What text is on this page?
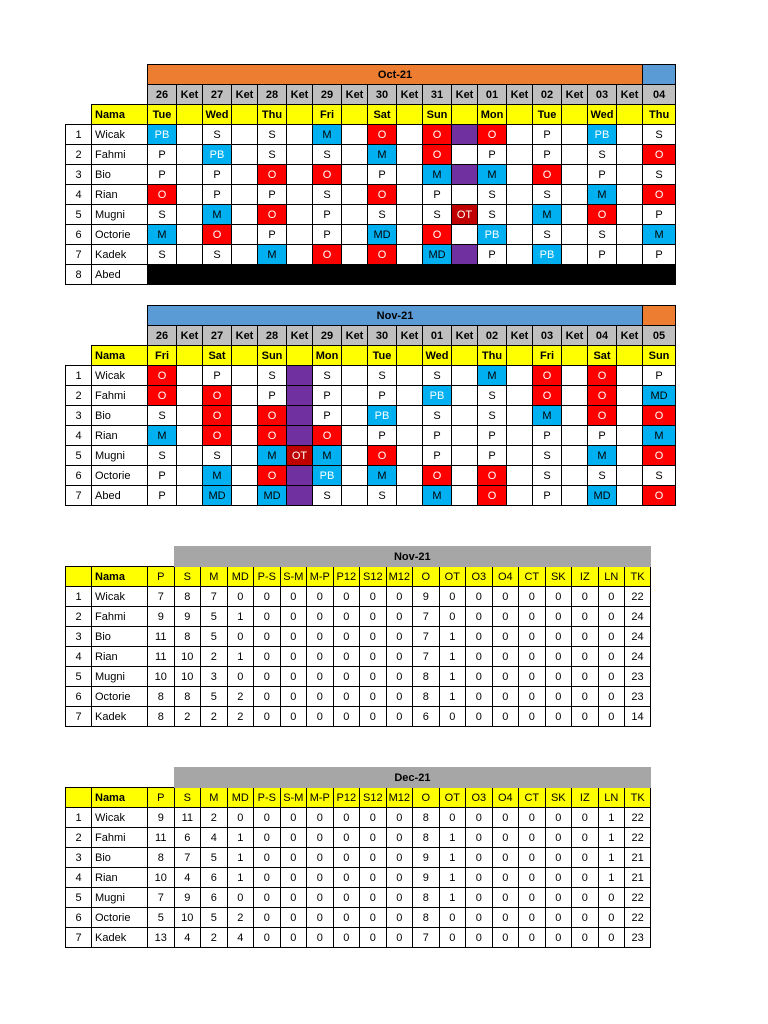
		Oct-21																		
		26	Ket	27	Ket	28	Ket	29	Ket	30	Ket	31	Ket	01	Ket	02	Ket	03	Ket	04
	Nama	Tue		Wed		Thu		Fri		Sat		Sun		Mon		Tue		Wed		Thu
1	Wicak	PB		S		S		M		O		O		O		P		PB		S
2	Fahmi	P		PB		S		S		M		O		P		P		S		O
3	Bio	P		P		O		O		P		M		M		O		P		S
4	Rian	O		P		P		S		O		P		S		S		M		O
5	Mugni	S		M		O		P		S		S	OT	S		M		O		P
6	Octorie	M		O		P		P		MD		O		PB		S		S		M
7	Kadek	S		S		M		O		O		MD		P		PB		P		P
8	Abed																			
		Nov-21																		
		26	Ket	27	Ket	28	Ket	29	Ket	30	Ket	01	Ket	02	Ket	03	Ket	04	Ket	05
	Nama	Fri		Sat		Sun		Mon		Tue		Wed		Thu		Fri		Sat		Sun
1	Wicak	O		P		S		S		S		S		M		O		O		P
2	Fahmi	O		O		P		P		P		PB		S		O		O		MD
3	Bio	S		O		O		P		PB		S		S		M		O		O
4	Rian	M		O		O		O		P		P		P		P		P		M
5	Mugni	S		S		M	OT	M		O		P		P		S		M		O
6	Octorie	P		M		O		PB		M		O		O		S		S		S
7	Abed	P		MD		MD		S		S		M		O		P		MD		O
			Nov-21																	
	Nama	P	S	M	MD	P-S	S-M	M-P	P12	S12	M12	O	OT	O3	O4	CT	SK	IZ	LN	TK
1	Wicak	7	8	7	0	0	0	0	0	0	0	9	0	0	0	0	0	0	0	22
2	Fahmi	9	9	5	1	0	0	0	0	0	0	7	0	0	0	0	0	0	0	24
3	Bio	11	8	5	0	0	0	0	0	0	0	7	1	0	0	0	0	0	0	24
4	Rian	11	10	2	1	0	0	0	0	0	0	7	1	0	0	0	0	0	0	24
5	Mugni	10	10	3	0	0	0	0	0	0	0	8	1	0	0	0	0	0	0	23
6	Octorie	8	8	5	2	0	0	0	0	0	0	8	1	0	0	0	0	0	0	23
7	Kadek	8	2	2	2	0	0	0	0	0	0	6	0	0	0	0	0	0	0	14
			Dec-21																	
	Nama	P	S	M	MD	P-S	S-M	M-P	P12	S12	M12	O	OT	O3	O4	CT	SK	IZ	LN	TK
1	Wicak	9	11	2	0	0	0	0	0	0	0	8	0	0	0	0	0	0	1	22
2	Fahmi	11	6	4	1	0	0	0	0	0	0	8	1	0	0	0	0	0	1	22
3	Bio	8	7	5	1	0	0	0	0	0	0	9	1	0	0	0	0	0	1	21
4	Rian	10	4	6	1	0	0	0	0	0	0	9	1	0	0	0	0	0	1	21
5	Mugni	7	9	6	0	0	0	0	0	0	0	8	1	0	0	0	0	0	0	22
6	Octorie	5	10	5	2	0	0	0	0	0	0	8	0	0	0	0	0	0	0	22
7	Kadek	13	4	2	4	0	0	0	0	0	0	7	0	0	0	0	0	0	0	23
